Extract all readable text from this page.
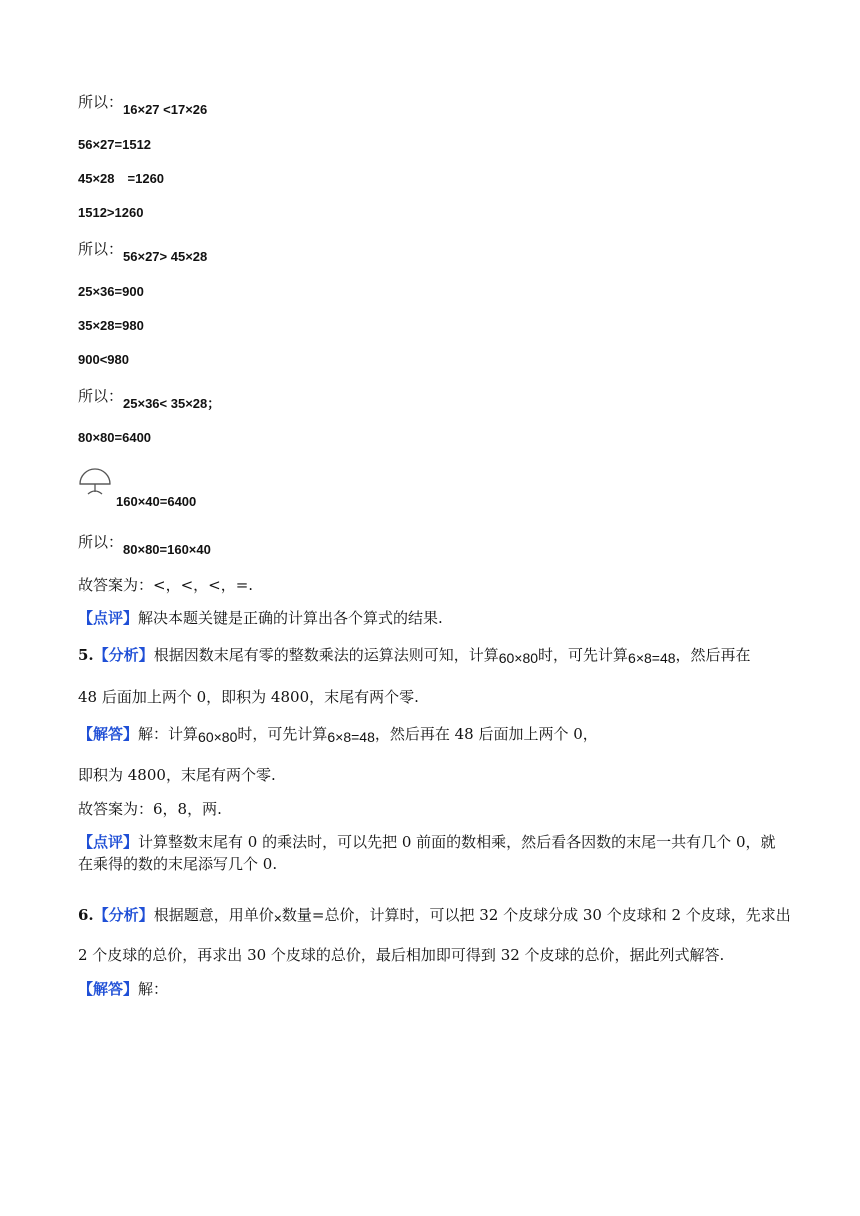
所以：16×27 <17×26
56×27=1512
45×28　=1260
1512>1260
所以：56×27> 45×28
25×36=900
35×28=980
900<980
所以：25×36< 35×28；
80×80=6400
160×40=6400
所以：80×80=160×40
故答案为：<，<，<，=.
【点评】解决本题关键是正确的计算出各个算式的结果.
5.【分析】根据因数末尾有零的整数乘法的运算法则可知，计算60×80时，可先计算6×8=48，然后再在
48 后面加上两个 0，即积为 4800，末尾有两个零.
【解答】解：计算60×80时，可先计算6×8=48，然后再在 48 后面加上两个 0，
即积为 4800，末尾有两个零.
故答案为：6，8，两.
【点评】计算整数末尾有 0 的乘法时，可以先把 0 前面的数相乘，然后看各因数的末尾一共有几个 0，就在乘得的数的末尾添写几个 0.
6.【分析】根据题意，用单价×数量=总价，计算时，可以把 32 个皮球分成 30 个皮球和 2 个皮球，先求出
2 个皮球的总价，再求出 30 个皮球的总价，最后相加即可得到 32 个皮球的总价，据此列式解答.
【解答】解：
